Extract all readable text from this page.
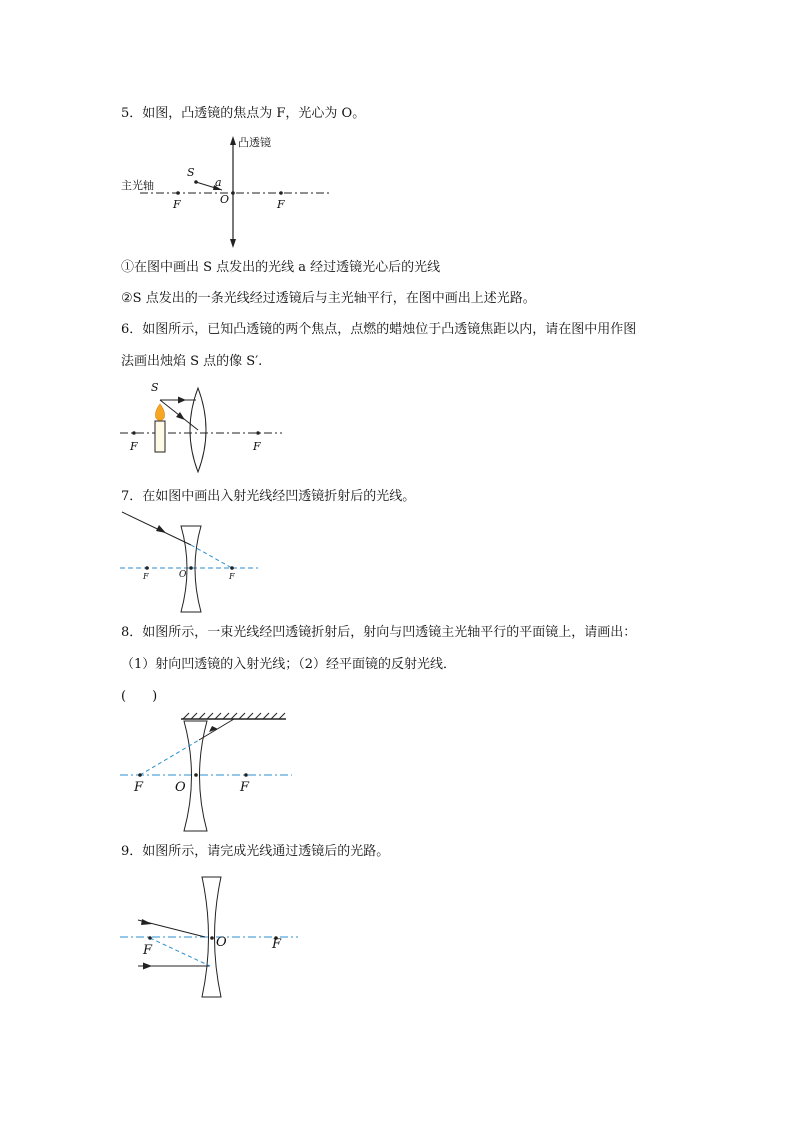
5．如图，凸透镜的焦点为 F，光心为 O。
凸透镜
主光轴
S
a
O
F	F
①在图中画出 S 点发出的光线 a 经过透镜光心后的光线
②S 点发出的一条光线经过透镜后与主光轴平行，在图中画出上述光路。
6．如图所示，已知凸透镜的两个焦点，点燃的蜡烛位于凸透镜焦距以内，请在图中用作图
法画出烛焰 S 点的像 S′.
S
F	F
7．在如图中画出入射光线经凹透镜折射后的光线。
F	O	F
8．如图所示，一束光线经凹透镜折射后，射向与凹透镜主光轴平行的平面镜上，请画出：
（1）射向凹透镜的入射光线；（2）经平面镜的反射光线．
(　　)
F O	F
9．如图所示，请完成光线通过透镜后的光路。
F
O	F
